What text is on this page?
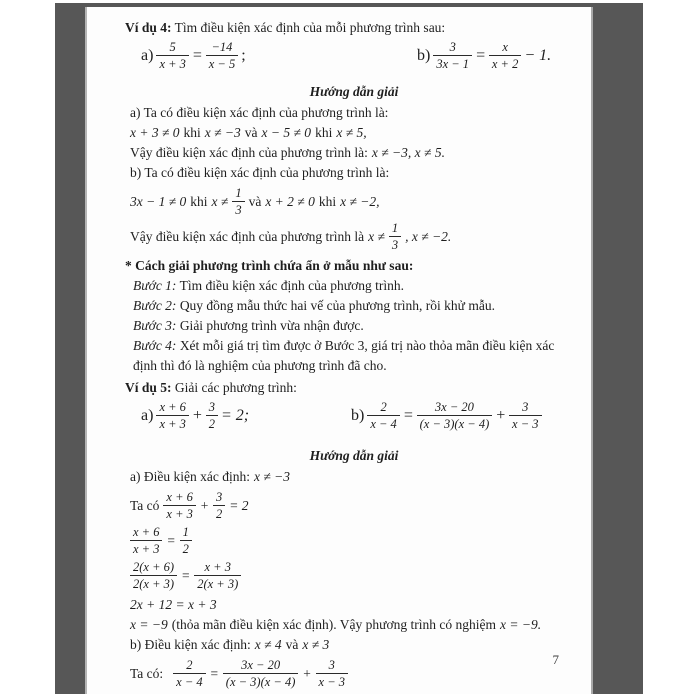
Ví dụ 4: Tìm điều kiện xác định của mỗi phương trình sau:

$a) \frac{5}{x + 3} = \frac{-14}{x - 5}$ ;	$b) \frac{3}{3x - 1} = \frac{x}{x + 2} - 1$.

Hướng dẫn giải

a) Ta có điều kiện xác định của phương trình là:

x + 3 ≠ 0 khi x ≠ −3 và x − 5 ≠ 0 khi x ≠ 5,
Vậy điều kiện xác định của phương trình là: x ≠ −3, x ≠ 5.

b) Ta có điều kiện xác định của phương trình là:

3x − 1 ≠ 0 khi $x \ne \frac{1}{3}$ và x + 2 ≠ 0 khi x ≠ −2,
Vậy điều kiện xác định của phương trình là $x \ne \frac{1}{3}$ , x ≠ −2.

* Cách giải phương trình chứa ẩn ở mẫu như sau:

Bước 1: Tìm điều kiện xác định của phương trình.

Bước 2: Quy đồng mẫu thức hai vế của phương trình, rồi khử mẫu.

Bước 3: Giải phương trình vừa nhận được.

Bước 4: Xét mỗi giá trị tìm được ở Bước 3, giá trị nào thỏa mãn điều kiện xác

định thì đó là nghiệm của phương trình đã cho.

Ví dụ 5: Giải các phương trình:

$a) \frac{x + 6}{x + 3} + \frac{3}{2} = 2$;	$b) \frac{2}{x - 4} = \frac{3x - 20}{(x - 3)(x - 4)} + \frac{3}{x - 3}$

Hướng dẫn giải

a) Điều kiện xác định: x ≠ −3
Ta có $\frac{x + 6}{x + 3} + \frac{3}{2} = 2$
$\frac{x + 6}{x + 3} = \frac{1}{2}$
$\frac{2(x + 6)}{2(x + 3)} = \frac{x + 3}{2(x + 3)}$

2x + 12 = x + 3

x = −9 (thỏa mãn điều kiện xác định). Vậy phương trình có nghiệm x = −9.
b) Điều kiện xác định: x ≠ 4 và x ≠ 3
Ta có: $\frac{2}{x - 4} = \frac{3x - 20}{(x - 3)(x - 4)} + \frac{3}{x - 3}$	7
